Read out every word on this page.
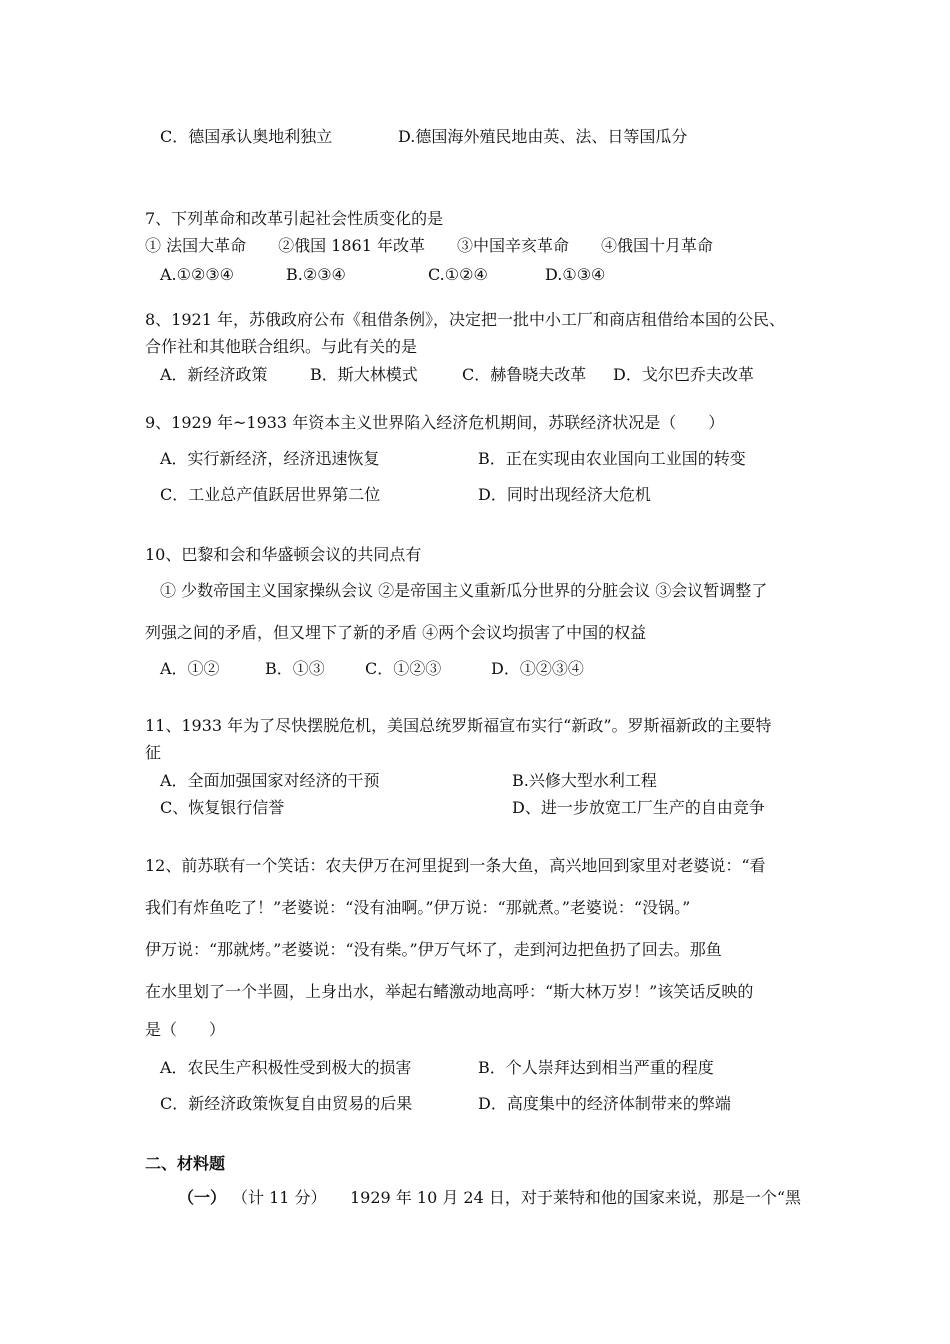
C．德国承认奥地利独立	D.德国海外殖民地由英、法、日等国瓜分
7、下列革命和改革引起社会性质变化的是
① 法国大革命　　②俄国 1861 年改革　　③中国辛亥革命　　④俄国十月革命
A.①②③④	B.②③④	C.①②④	D.①③④
8、1921 年，苏俄政府公布《租借条例》，决定把一批中小工厂和商店租借给本国的公民、
合作社和其他联合组织。与此有关的是
A．新经济政策	B．斯大林模式	C．赫鲁晓夫改革 D．戈尔巴乔夫改革
9、1929 年~1933 年资本主义世界陷入经济危机期间，苏联经济状况是（　　）
A．实行新经济，经济迅速恢复	B．正在实现由农业国向工业国的转变
C．工业总产值跃居世界第二位	D．同时出现经济大危机
10、巴黎和会和华盛顿会议的共同点有
① 少数帝国主义国家操纵会议 ②是帝国主义重新瓜分世界的分脏会议 ③会议暂调整了
列强之间的矛盾，但又埋下了新的矛盾 ④两个会议均损害了中国的权益
A．①②	B．①③	C．①②③	D．①②③④
11、1933 年为了尽快摆脱危机，美国总统罗斯福宣布实行“新政”。罗斯福新政的主要特
征
A．全面加强国家对经济的干预	B.兴修大型水利工程
C、恢复银行信誉	D、进一步放宽工厂生产的自由竞争
12、前苏联有一个笑话：农夫伊万在河里捉到一条大鱼，高兴地回到家里对老婆说：“看
我们有炸鱼吃了！”老婆说：“没有油啊。”伊万说：“那就煮。”老婆说：“没锅。”
伊万说：“那就烤。”老婆说：“没有柴。”伊万气坏了，走到河边把鱼扔了回去。那鱼
在水里划了一个半圆，上身出水，举起右鳍激动地高呼：“斯大林万岁！”该笑话反映的
是（　　）
A．农民生产积极性受到极大的损害	B．个人崇拜达到相当严重的程度
C．新经济政策恢复自由贸易的后果	D．高度集中的经济体制带来的弊端
二、材料题
（一） （计 11 分） 1929 年 10 月 24 日，对于莱特和他的国家来说，那是一个“黑
